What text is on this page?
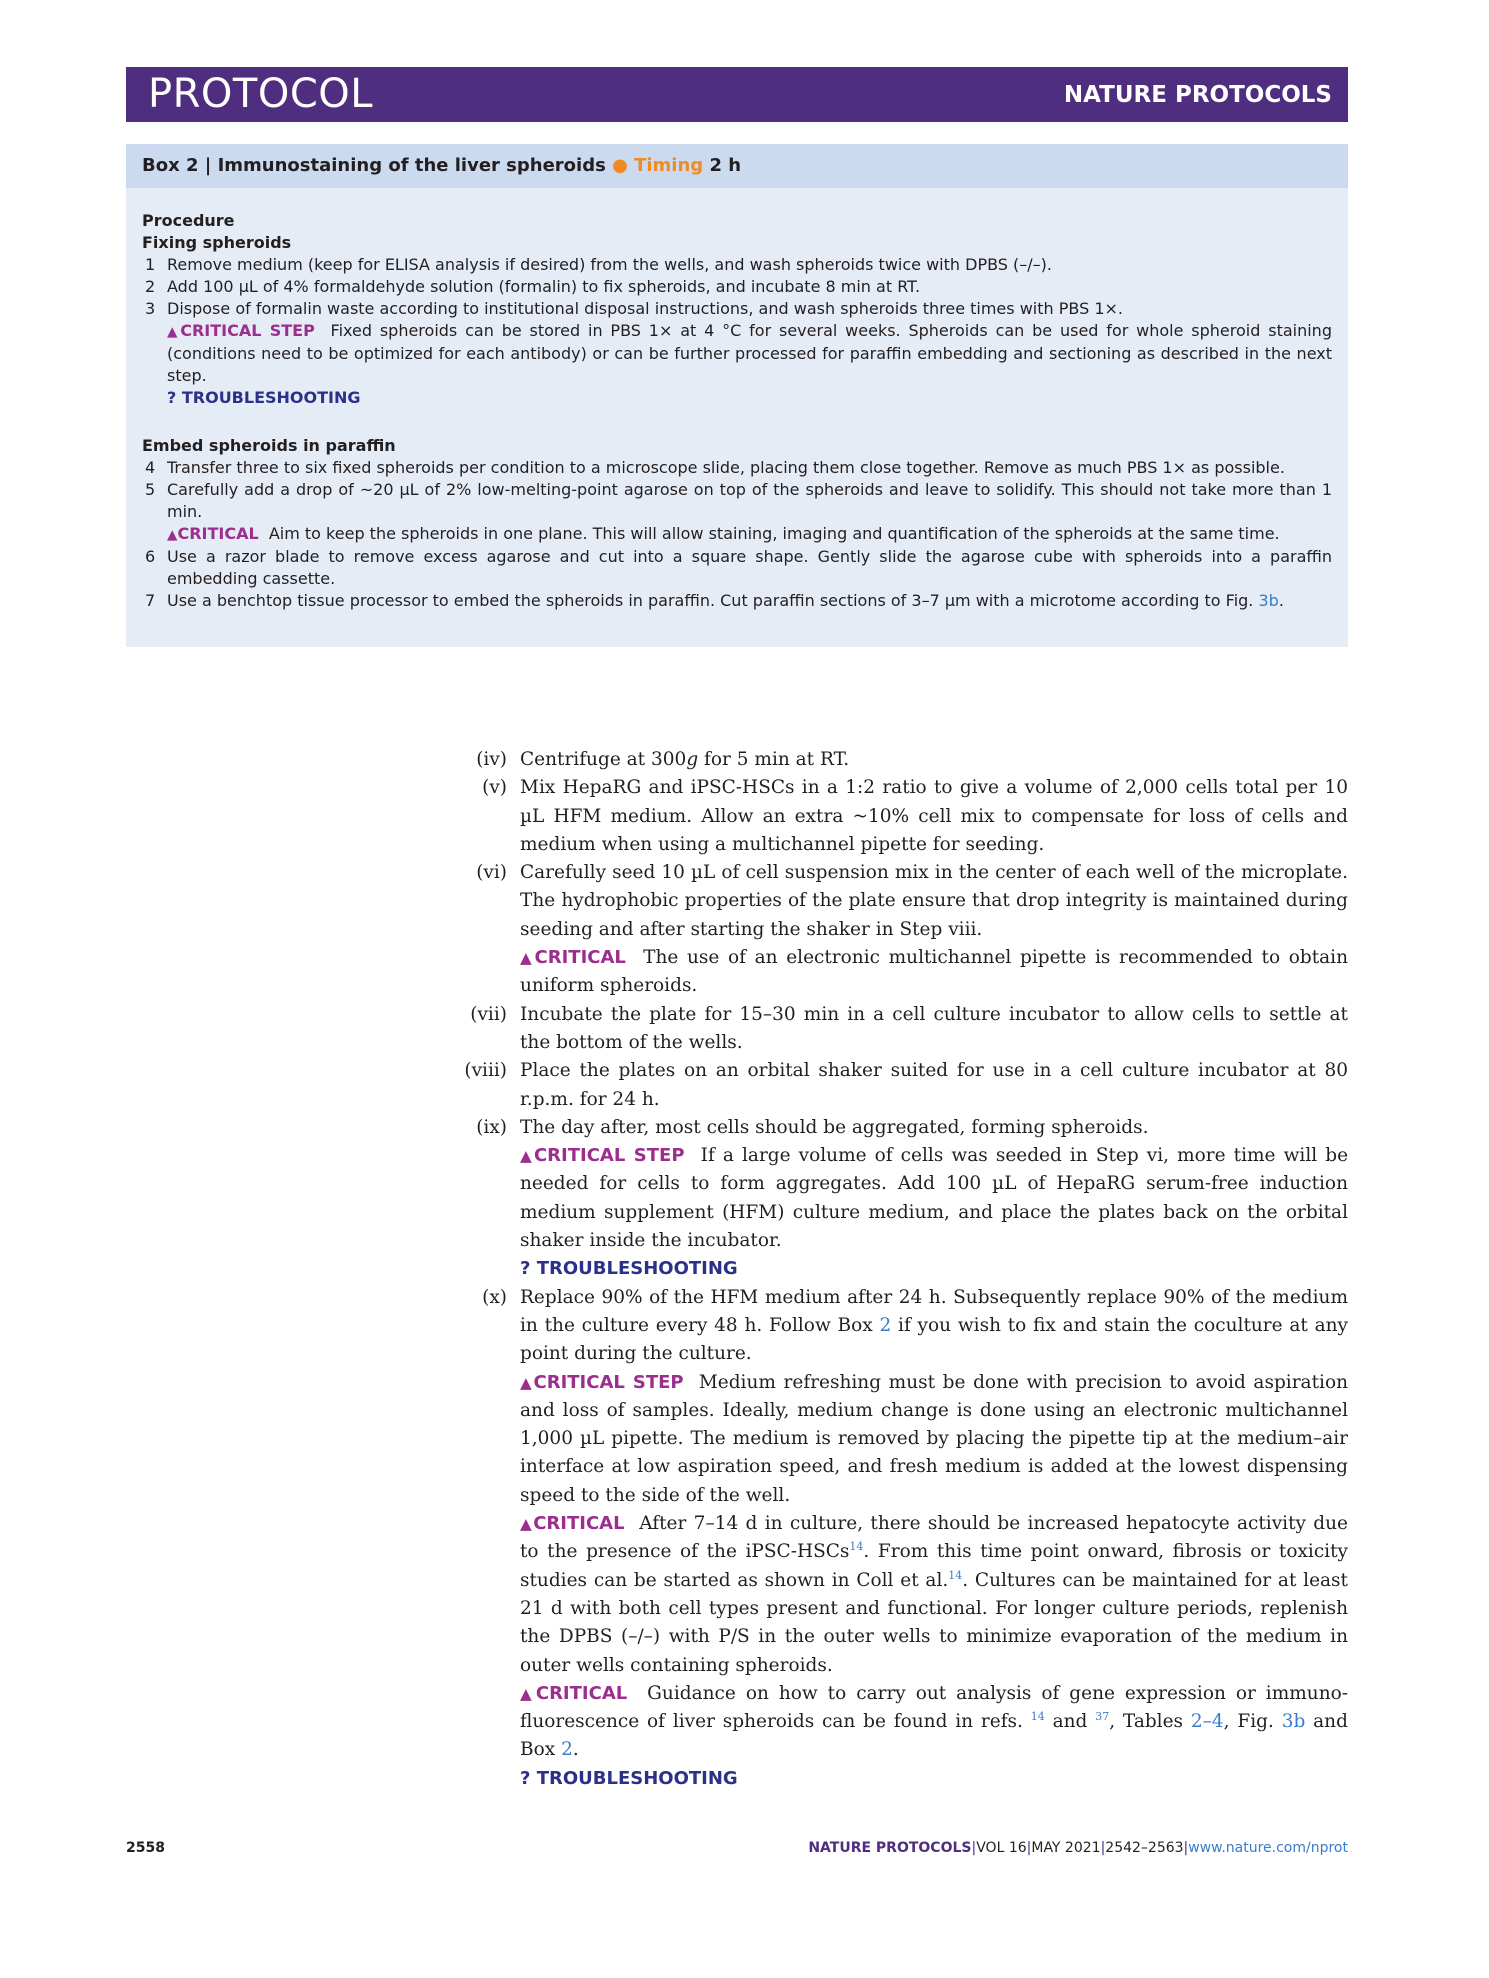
PROTOCOL	NATURE PROTOCOLS
Box 2 | Immunostaining of the liver spheroids ● Timing 2 h
Procedure
Fixing spheroids
1 Remove medium (keep for ELISA analysis if desired) from the wells, and wash spheroids twice with DPBS (–/–).
2 Add 100 µL of 4% formaldehyde solution (formalin) to fix spheroids, and incubate 8 min at RT.
3 Dispose of formalin waste according to institutional disposal instructions, and wash spheroids three times with PBS 1×.
▲CRITICAL STEP Fixed spheroids can be stored in PBS 1× at 4 °C for several weeks. Spheroids can be used for whole spheroid staining (conditions need to be optimized for each antibody) or can be further processed for paraffin embedding and sectioning as described in the next step.
? TROUBLESHOOTING
Embed spheroids in paraffin
4 Transfer three to six fixed spheroids per condition to a microscope slide, placing them close together. Remove as much PBS 1× as possible.
5 Carefully add a drop of ~20 µL of 2% low-melting-point agarose on top of the spheroids and leave to solidify. This should not take more than 1 min.
▲CRITICAL Aim to keep the spheroids in one plane. This will allow staining, imaging and quantification of the spheroids at the same time.
6 Use a razor blade to remove excess agarose and cut into a square shape. Gently slide the agarose cube with spheroids into a paraffin embedding cassette.
7 Use a benchtop tissue processor to embed the spheroids in paraffin. Cut paraffin sections of 3–7 µm with a microtome according to Fig. 3b.
(iv) Centrifuge at 300g for 5 min at RT.
(v) Mix HepaRG and iPSC-HSCs in a 1:2 ratio to give a volume of 2,000 cells total per 10 µL HFM medium. Allow an extra ~10% cell mix to compensate for loss of cells and medium when using a multichannel pipette for seeding.
(vi) Carefully seed 10 µL of cell suspension mix in the center of each well of the microplate. The hydrophobic properties of the plate ensure that drop integrity is maintained during seeding and after starting the shaker in Step viii.
▲CRITICAL The use of an electronic multichannel pipette is recommended to obtain uniform spheroids.
(vii) Incubate the plate for 15–30 min in a cell culture incubator to allow cells to settle at the bottom of the wells.
(viii) Place the plates on an orbital shaker suited for use in a cell culture incubator at 80 r.p.m. for 24 h.
(ix) The day after, most cells should be aggregated, forming spheroids.
▲CRITICAL STEP If a large volume of cells was seeded in Step vi, more time will be needed for cells to form aggregates. Add 100 µL of HepaRG serum-free induction medium supplement (HFM) culture medium, and place the plates back on the orbital shaker inside the incubator.
? TROUBLESHOOTING
(x) Replace 90% of the HFM medium after 24 h. Subsequently replace 90% of the medium in the culture every 48 h. Follow Box 2 if you wish to fix and stain the coculture at any point during the culture.
▲CRITICAL STEP Medium refreshing must be done with precision to avoid aspiration and loss of samples. Ideally, medium change is done using an electronic multichannel 1,000 µL pipette. The medium is removed by placing the pipette tip at the medium–air interface at low aspiration speed, and fresh medium is added at the lowest dispensing speed to the side of the well.
▲CRITICAL After 7–14 d in culture, there should be increased hepatocyte activity due to the presence of the iPSC-HSCs$^{14}$. From this time point onward, fibrosis or toxicity studies can be started as shown in Coll et al.$^{14}$. Cultures can be maintained for at least 21 d with both cell types present and functional. For longer culture periods, replenish the DPBS (–/–) with P/S in the outer wells to minimize evaporation of the medium in outer wells containing spheroids.
▲CRITICAL Guidance on how to carry out analysis of gene expression or immuno-fluorescence of liver spheroids can be found in refs. $^{14}$ and $^{37}$, Tables 2–4, Fig. 3b and Box 2.
? TROUBLESHOOTING
2558	NATURE PROTOCOLS|VOL 16|MAY 2021|2542–2563|www.nature.com/nprot
